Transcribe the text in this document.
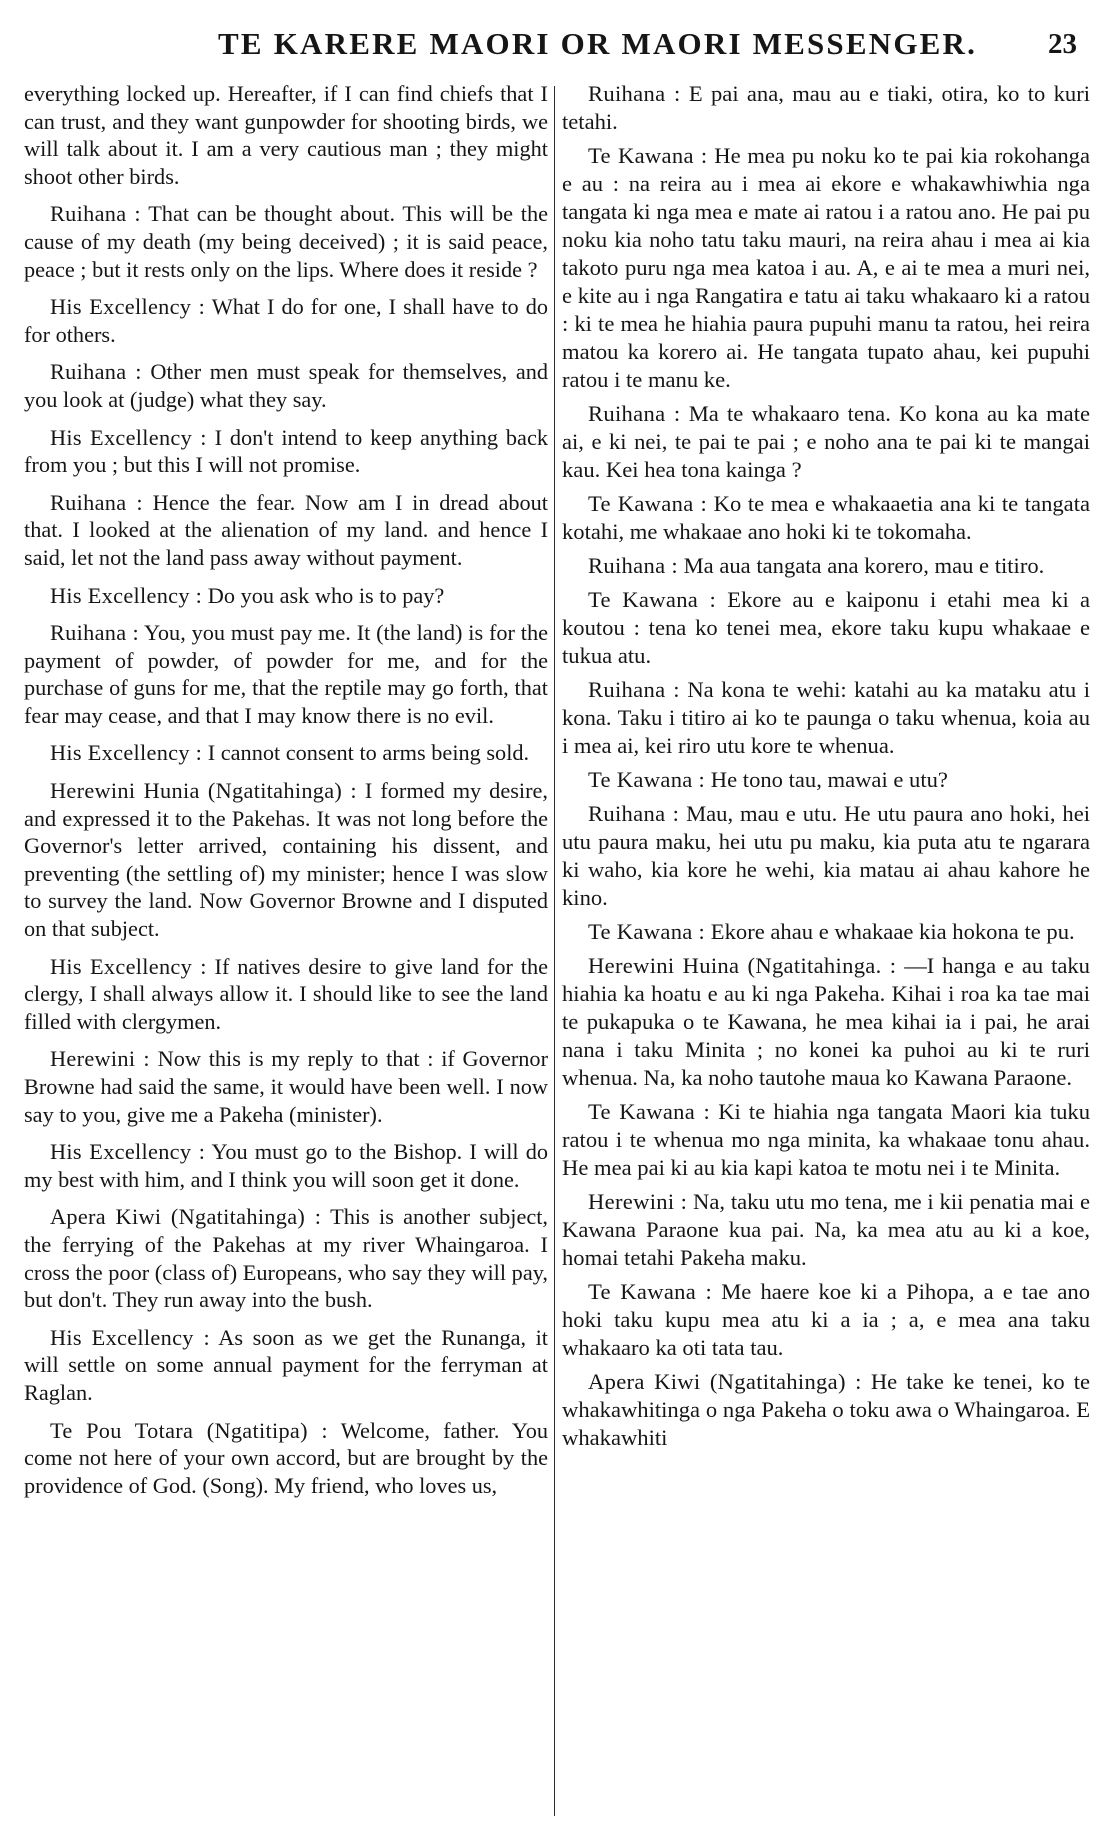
TE KARERE MAORI OR MAORI MESSENGER. 23

everything locked up. Hereafter, if I can find chiefs that I can trust, and they want gunpowder for shooting birds, we will talk about it. I am a very cautious man ; they might shoot other birds.

Ruihana : That can be thought about. This will be the cause of my death (my being deceived) ; it is said peace, peace ; but it rests only on the lips. Where does it reside ?

His Excellency : What I do for one, I shall have to do for others.

Ruihana : Other men must speak for themselves, and you look at (judge) what they say.

His Excellency : I don't intend to keep anything back from you ; but this I will not promise.

Ruihana : Hence the fear. Now am I in dread about that. I looked at the alienation of my land. and hence I said, let not the land pass away without payment.

His Excellency : Do you ask who is to pay?

Ruihana : You, you must pay me. It (the land) is for the payment of powder, of powder for me, and for the purchase of guns for me, that the reptile may go forth, that fear may cease, and that I may know there is no evil.

His Excellency : I cannot consent to arms being sold.

Herewini Hunia (Ngatitahinga) : I formed my desire, and expressed it to the Pakehas. It was not long before the Governor's letter arrived, containing his dissent, and preventing (the settling of) my minister; hence I was slow to survey the land. Now Governor Browne and I disputed on that subject.

His Excellency : If natives desire to give land for the clergy, I shall always allow it. I should like to see the land filled with clergymen.

Herewini : Now this is my reply to that : if Governor Browne had said the same, it would have been well. I now say to you, give me a Pakeha (minister).

His Excellency : You must go to the Bishop. I will do my best with him, and I think you will soon get it done.

Apera Kiwi (Ngatitahinga) : This is another subject, the ferrying of the Pakehas at my river Whaingaroa. I cross the poor (class of) Europeans, who say they will pay, but don't. They run away into the bush.

His Excellency : As soon as we get the Runanga, it will settle on some annual payment for the ferryman at Raglan.

Te Pou Totara (Ngatitipa) : Welcome, father. You come not here of your own accord, but are brought by the providence of God. (Song). My friend, who loves us,

Ruihana : E pai ana, mau au e tiaki, otira, ko to kuri tetahi.

Te Kawana : He mea pu noku ko te pai kia rokohanga e au : na reira au i mea ai ekore e whakawhiwhia nga tangata ki nga mea e mate ai ratou i a ratou ano. He pai pu noku kia noho tatu taku mauri, na reira ahau i mea ai kia takoto puru nga mea katoa i au. A, e ai te mea a muri nei, e kite au i nga Rangatira e tatu ai taku whakaaro ki a ratou : ki te mea he hiahia paura pupuhi manu ta ratou, hei reira matou ka korero ai. He tangata tupato ahau, kei pupuhi ratou i te manu ke.

Ruihana : Ma te whakaaro tena. Ko kona au ka mate ai, e ki nei, te pai te pai ; e noho ana te pai ki te mangai kau. Kei hea tona kainga ?

Te Kawana : Ko te mea e whakaaetia ana ki te tangata kotahi, me whakaae ano hoki ki te tokomaha.

Ruihana : Ma aua tangata ana korero, mau e titiro.

Te Kawana : Ekore au e kaiponu i etahi mea ki a koutou : tena ko tenei mea, ekore taku kupu whakaae e tukua atu.

Ruihana : Na kona te wehi: katahi au ka mataku atu i kona. Taku i titiro ai ko te paunga o taku whenua, koia au i mea ai, kei riro utu kore te whenua.

Te Kawana : He tono tau, mawai e utu?

Ruihana : Mau, mau e utu. He utu paura ano hoki, hei utu paura maku, hei utu pu maku, kia puta atu te ngarara ki waho, kia kore he wehi, kia matau ai ahau kahore he kino.

Te Kawana : Ekore ahau e whakaae kia hokona te pu.

Herewini Huina (Ngatitahinga. : —I hanga e au taku hiahia ka hoatu e au ki nga Pakeha. Kihai i roa ka tae mai te pukapuka o te Kawana, he mea kihai ia i pai, he arai nana i taku Minita ; no konei ka puhoi au ki te ruri whenua. Na, ka noho tautohe maua ko Kawana Paraone.

Te Kawana : Ki te hiahia nga tangata Maori kia tuku ratou i te whenua mo nga minita, ka whakaae tonu ahau. He mea pai ki au kia kapi katoa te motu nei i te Minita.

Herewini : Na, taku utu mo tena, me i kii penatia mai e Kawana Paraone kua pai. Na, ka mea atu au ki a koe, homai tetahi Pakeha maku.

Te Kawana : Me haere koe ki a Pihopa, a e tae ano hoki taku kupu mea atu ki a ia ; a, e mea ana taku whakaaro ka oti tata tau.

Apera Kiwi (Ngatitahinga) : He take ke tenei, ko te whakawhitinga o nga Pakeha o toku awa o Whaingaroa. E whakawhiti
